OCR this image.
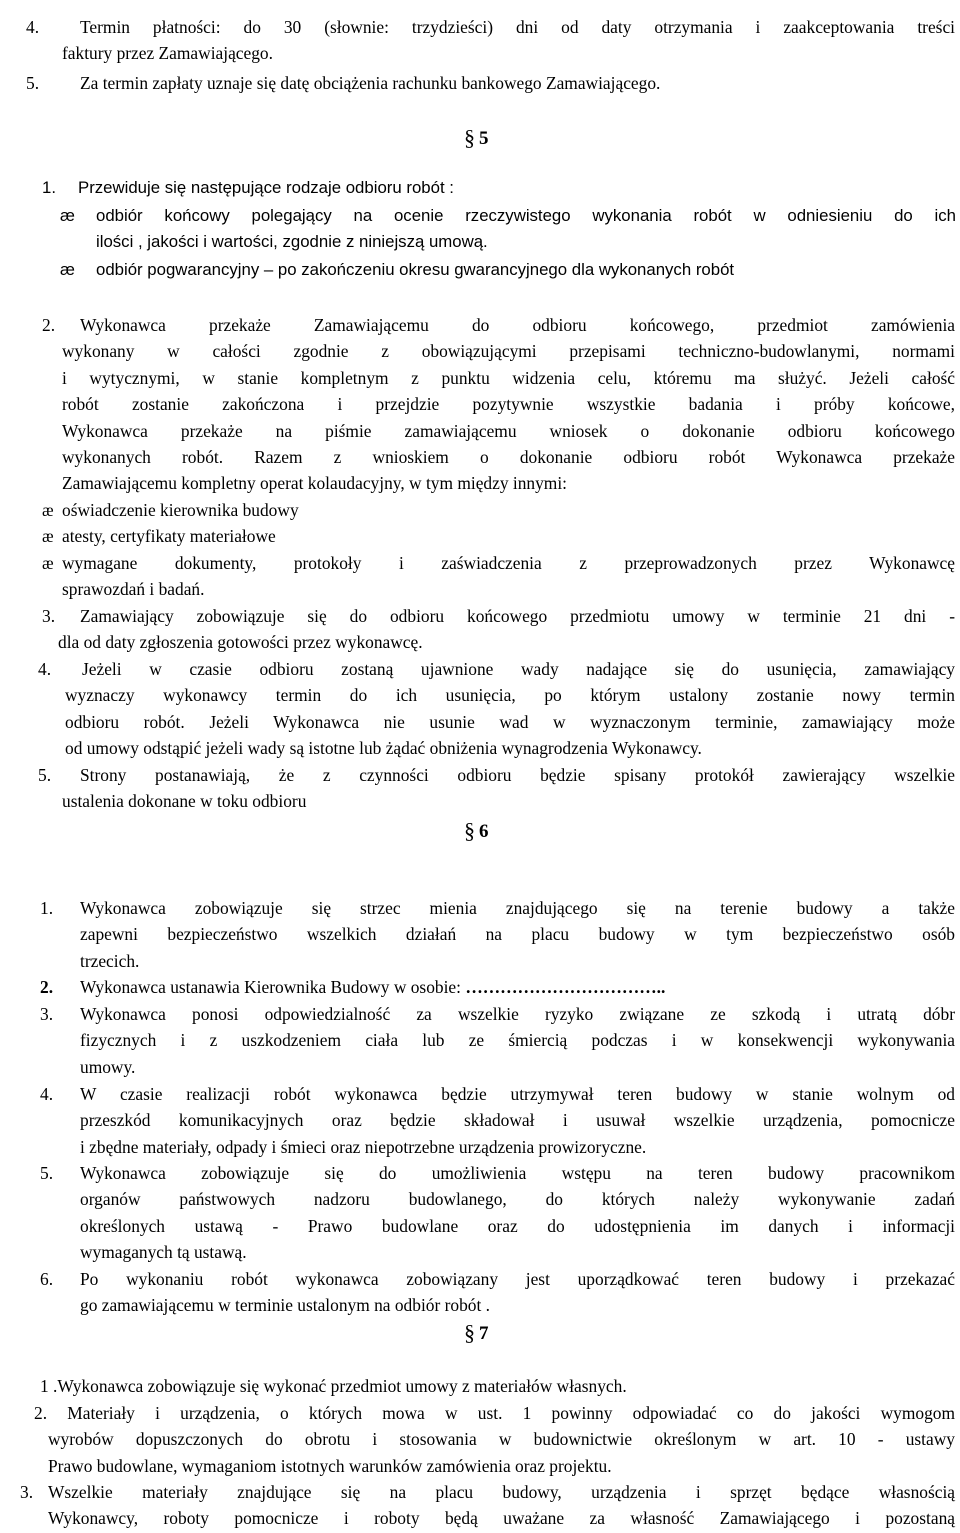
4. Termin płatności: do 30 (słownie: trzydzieści) dni od daty otrzymania i zaakceptowania treści
faktury przez Zamawiającego.
5. Za termin zapłaty uznaje się datę obciążenia rachunku bankowego Zamawiającego.
§ 5
1. Przewiduje się następujące rodzaje odbioru robót :
æ odbiór końcowy polegający na ocenie rzeczywistego wykonania robót w odniesieniu do ich
ilości , jakości i wartości, zgodnie z niniejszą umową.
æ odbiór pogwarancyjny – po zakończeniu okresu gwarancyjnego dla wykonanych robót
2. Wykonawca przekaże Zamawiającemu do odbioru końcowego, przedmiot zamówienia
wykonany w całości zgodnie z obowiązującymi przepisami techniczno-budowlanymi, normami
i wytycznymi, w stanie kompletnym z punktu widzenia celu, któremu ma służyć. Jeżeli całość
robót zostanie zakończona i przejdzie pozytywnie wszystkie badania i próby końcowe,
Wykonawca przekaże na piśmie zamawiającemu wniosek o dokonanie odbioru końcowego
wykonanych robót. Razem z wnioskiem o dokonanie odbioru robót Wykonawca przekaże
Zamawiającemu kompletny operat kolaudacyjny, w tym między innymi:
æ oświadczenie kierownika budowy
æ atesty, certyfikaty materiałowe
æ wymagane dokumenty, protokoły i zaświadczenia z przeprowadzonych przez Wykonawcę
sprawozdań i badań.
3. Zamawiający zobowiązuje się do odbioru końcowego przedmiotu umowy w terminie 21 dni -
dla od daty zgłoszenia gotowości przez wykonawcę.
4. Jeżeli w czasie odbioru zostaną ujawnione wady nadające się do usunięcia, zamawiający
wyznaczy wykonawcy termin do ich usunięcia, po którym ustalony zostanie nowy termin
odbioru robót. Jeżeli Wykonawca nie usunie wad w wyznaczonym terminie, zamawiający może
od umowy odstąpić jeżeli wady są istotne lub żądać obniżenia wynagrodzenia Wykonawcy.
5. Strony postanawiają, że z czynności odbioru będzie spisany protokół zawierający wszelkie
ustalenia dokonane w toku odbioru
§ 6
1. Wykonawca zobowiązuje się strzec mienia znajdującego się na terenie budowy a także
zapewni bezpieczeństwo wszelkich działań na placu budowy w tym bezpieczeństwo osób
trzecich.
2. Wykonawca ustanawia Kierownika Budowy w osobie: ……………………………..
3. Wykonawca ponosi odpowiedzialność za wszelkie ryzyko związane ze szkodą i utratą dóbr
fizycznych i z uszkodzeniem ciała lub ze śmiercią podczas i w konsekwencji wykonywania
umowy.
4. W czasie realizacji robót wykonawca będzie utrzymywał teren budowy w stanie wolnym od
przeszkód komunikacyjnych oraz będzie składował i usuwał wszelkie urządzenia, pomocnicze
i zbędne materiały, odpady i śmieci oraz niepotrzebne urządzenia prowizoryczne.
5. Wykonawca zobowiązuje się do umożliwienia wstępu na teren budowy pracownikom
organów państwowych nadzoru budowlanego, do których należy wykonywanie zadań
określonych ustawą - Prawo budowlane oraz do udostępnienia im danych i informacji
wymaganych tą ustawą.
6. Po wykonaniu robót wykonawca zobowiązany jest uporządkować teren budowy i przekazać
go zamawiającemu w terminie ustalonym na odbiór robót .
§ 7
1 .Wykonawca zobowiązuje się wykonać przedmiot umowy z materiałów własnych.
2. Materiały i urządzenia, o których mowa w ust. 1 powinny odpowiadać co do jakości wymogom
wyrobów dopuszczonych do obrotu i stosowania w budownictwie określonym w art. 10 - ustawy
Prawo budowlane, wymaganiom istotnych warunków zamówienia oraz projektu.
3. Wszelkie materiały znajdujące się na placu budowy, urządzenia i sprzęt będące własnością
Wykonawcy, roboty pomocnicze i roboty będą uważane za własność Zamawiającego i pozostaną
